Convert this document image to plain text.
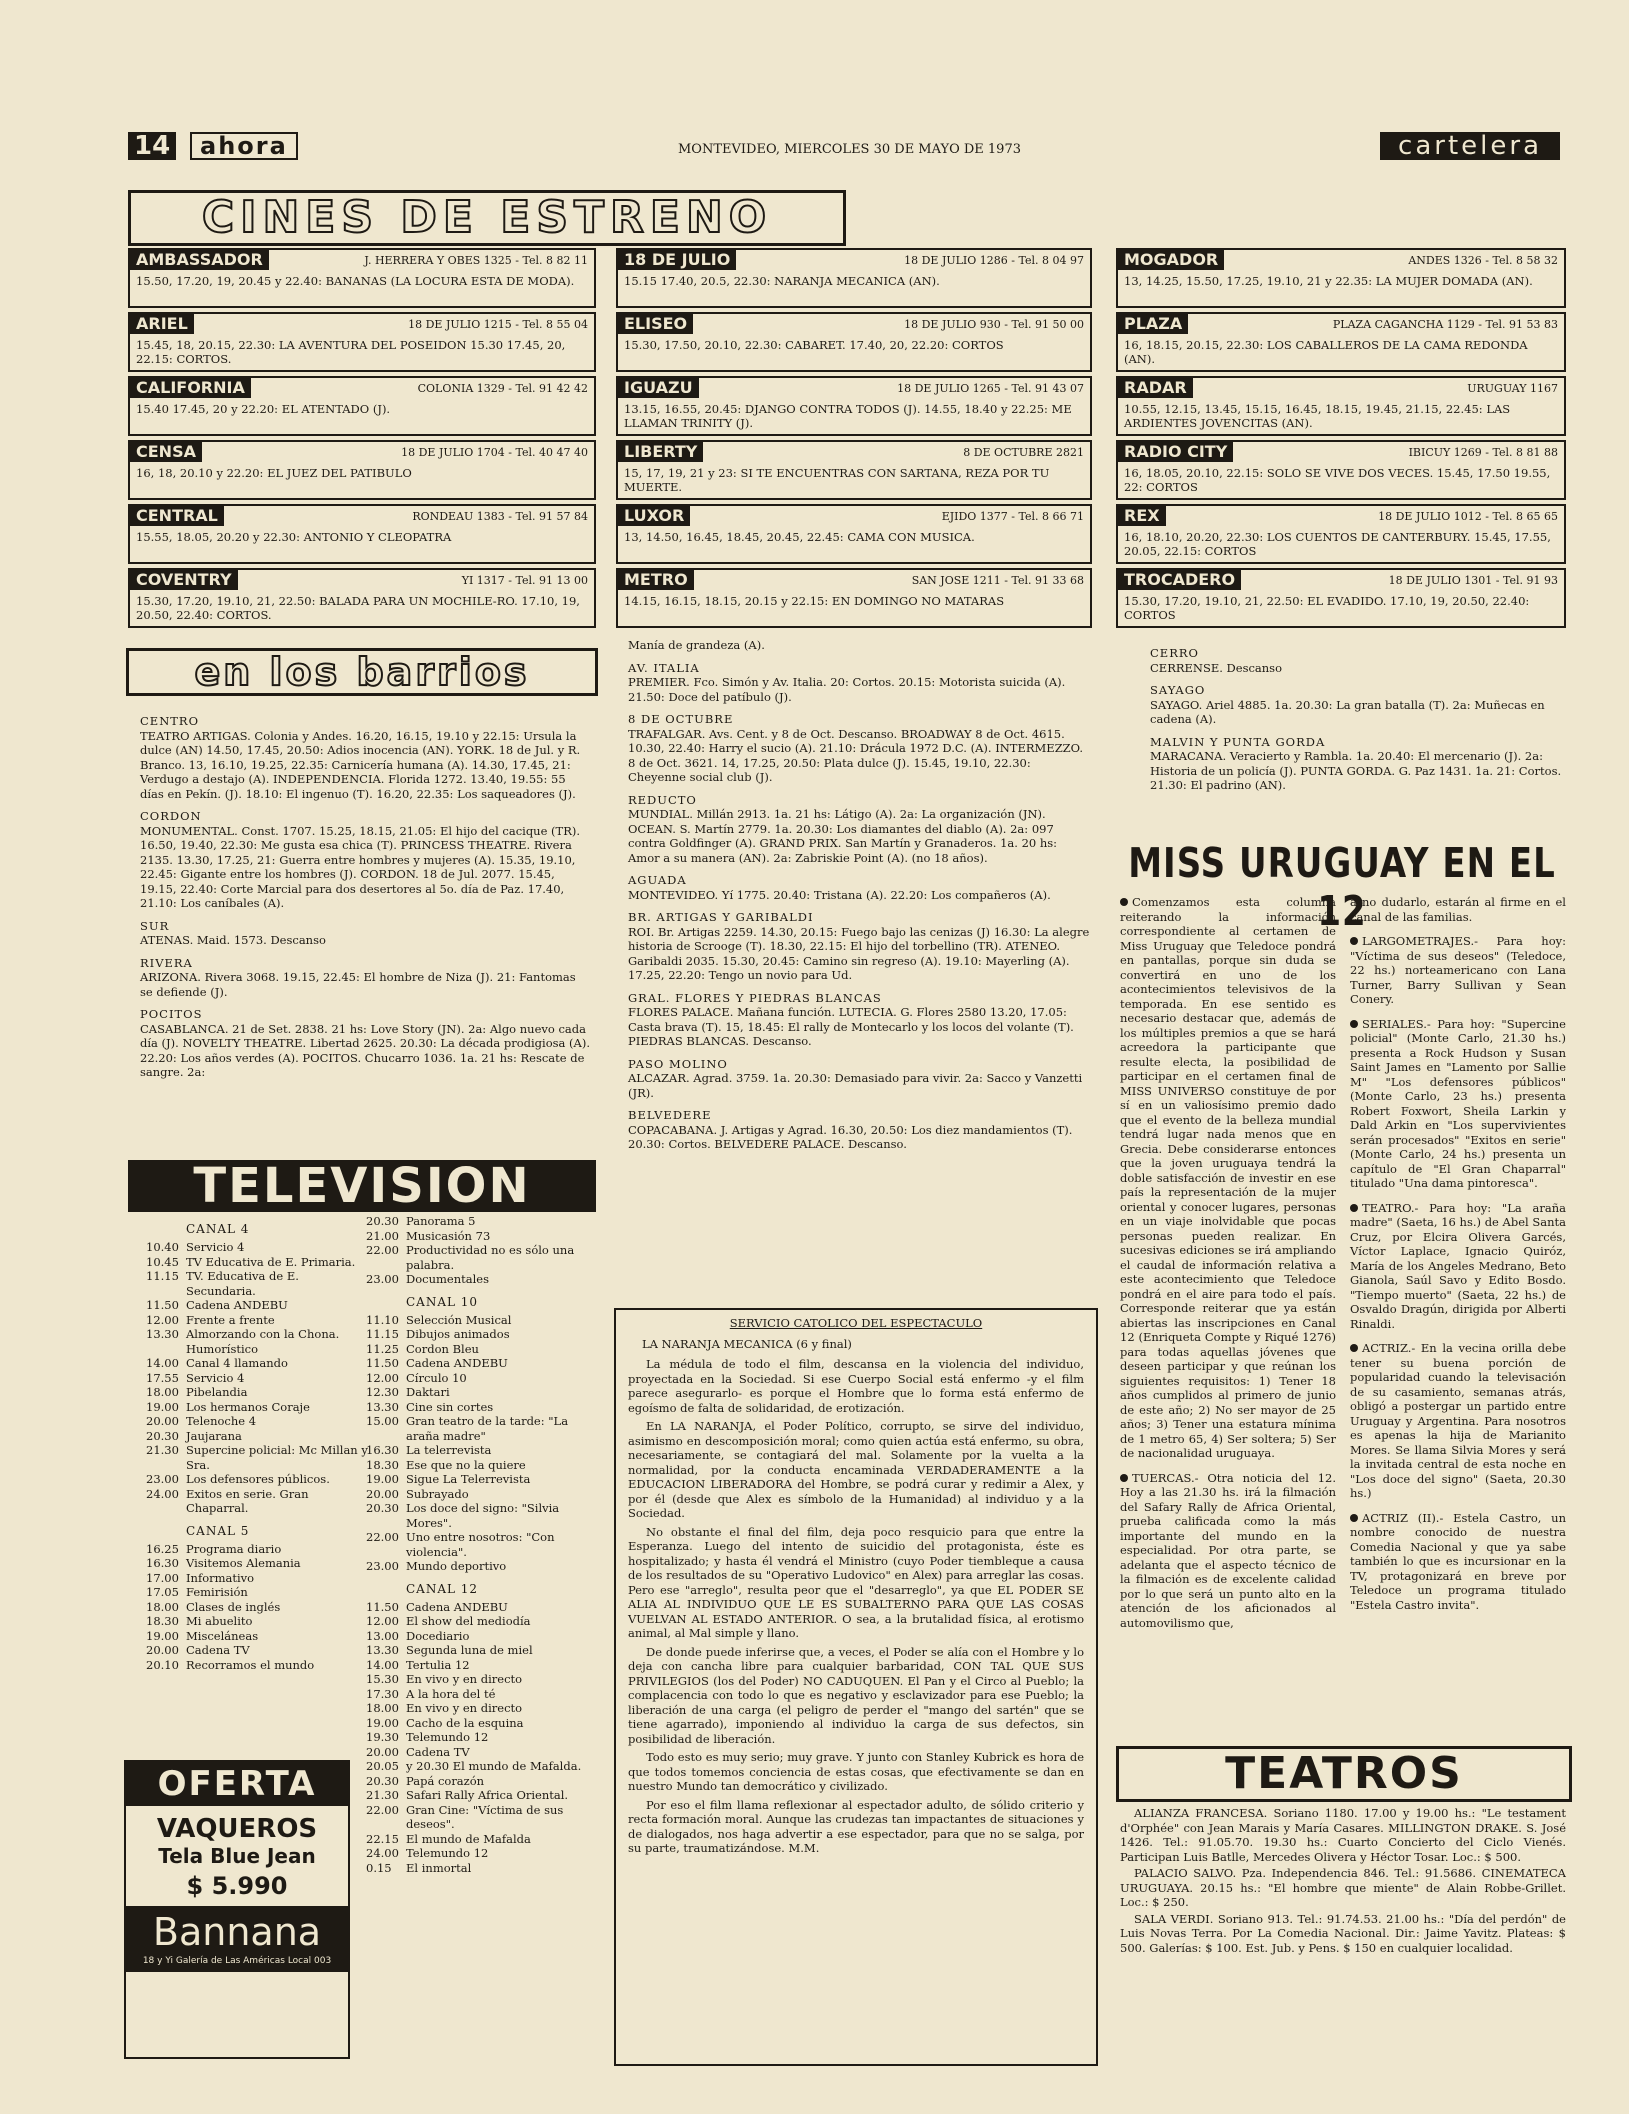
14	ahora	MONTEVIDEO, MIERCOLES 30 DE MAYO DE 1973	cartelera
CINES DE ESTRENO
AMBASSADOR	J. HERRERA Y OBES 1325 - Tel. 8 82 11
15.50, 17.20, 19, 20.45 y 22.40: BANANAS (LA LOCURA ESTA DE MODA).
ARIEL	18 DE JULIO 1215 - Tel. 8 55 04
15.45, 18, 20.15, 22.30: LA AVENTURA DEL POSEIDON 15.30 17.45, 20, 22.15: CORTOS.
CALIFORNIA	COLONIA 1329 - Tel. 91 42 42
15.40 17.45, 20 y 22.20: EL ATENTADO (J).
CENSA	18 DE JULIO 1704 - Tel. 40 47 40
16, 18, 20.10 y 22.20: EL JUEZ DEL PATIBULO
CENTRAL	RONDEAU 1383 - Tel. 91 57 84
15.55, 18.05, 20.20 y 22.30: ANTONIO Y CLEOPATRA
COVENTRY	YI 1317 - Tel. 91 13 00
15.30, 17.20, 19.10, 21, 22.50: BALADA PARA UN MOCHILE-RO. 17.10, 19, 20.50, 22.40: CORTOS.
18 DE JULIO	18 DE JULIO 1286 - Tel. 8 04 97
15.15 17.40, 20.5, 22.30: NARANJA MECANICA (AN).
ELISEO	18 DE JULIO 930 - Tel. 91 50 00
15.30, 17.50, 20.10, 22.30: CABARET. 17.40, 20, 22.20: CORTOS
IGUAZU	18 DE JULIO 1265 - Tel. 91 43 07
13.15, 16.55, 20.45: DJANGO CONTRA TODOS (J). 14.55, 18.40 y 22.25: ME LLAMAN TRINITY (J).
LIBERTY	8 DE OCTUBRE 2821
15, 17, 19, 21 y 23: SI TE ENCUENTRAS CON SARTANA, REZA POR TU MUERTE.
LUXOR	EJIDO 1377 - Tel. 8 66 71
13, 14.50, 16.45, 18.45, 20.45, 22.45: CAMA CON MUSICA.
METRO	SAN JOSE 1211 - Tel. 91 33 68
14.15, 16.15, 18.15, 20.15 y 22.15: EN DOMINGO NO MATARAS
MOGADOR	ANDES 1326 - Tel. 8 58 32
13, 14.25, 15.50, 17.25, 19.10, 21 y 22.35: LA MUJER DOMADA (AN).
PLAZA	PLAZA CAGANCHA 1129 - Tel. 91 53 83
16, 18.15, 20.15, 22.30: LOS CABALLEROS DE LA CAMA REDONDA (AN).
RADAR	URUGUAY 1167
10.55, 12.15, 13.45, 15.15, 16.45, 18.15, 19.45, 21.15, 22.45: LAS ARDIENTES JOVENCITAS (AN).
RADIO CITY	IBICUY 1269 - Tel. 8 81 88
16, 18.05, 20.10, 22.15: SOLO SE VIVE DOS VECES. 15.45, 17.50 19.55, 22: CORTOS
REX	18 DE JULIO 1012 - Tel. 8 65 65
16, 18.10, 20.20, 22.30: LOS CUENTOS DE CANTERBURY. 15.45, 17.55, 20.05, 22.15: CORTOS
TROCADERO	18 DE JULIO 1301 - Tel. 91 93
15.30, 17.20, 19.10, 21, 22.50: EL EVADIDO. 17.10, 19, 20.50, 22.40: CORTOS
en los barrios
CENTRO
TEATRO ARTIGAS. Colonia y Andes. 16.20, 16.15, 19.10 y 22.15: Ursula la dulce (AN) 14.50, 17.45, 20.50: Adios inocencia (AN). YORK. 18 de Jul. y R. Branco. 13, 16.10, 19.25, 22.35: Carnicería humana (A). 14.30, 17.45, 21: Verdugo a destajo (A). INDEPENDENCIA. Florida 1272. 13.40, 19.55: 55 días en Pekín. (J). 18.10: El ingenuo (T). 16.20, 22.35: Los saqueadores (J).
CORDON
MONUMENTAL. Const. 1707. 15.25, 18.15, 21.05: El hijo del cacique (TR). 16.50, 19.40, 22.30: Me gusta esa chica (T). PRINCESS THEATRE. Rivera 2135. 13.30, 17.25, 21: Guerra entre hombres y mujeres (A). 15.35, 19.10, 22.45: Gigante entre los hombres (J). CORDON. 18 de Jul. 2077. 15.45, 19.15, 22.40: Corte Marcial para dos desertores al 5o. día de Paz. 17.40, 21.10: Los caníbales (A).
SUR
ATENAS. Maid. 1573. Descanso
RIVERA
ARIZONA. Rivera 3068. 19.15, 22.45: El hombre de Niza (J). 21: Fantomas se defiende (J).
POCITOS
CASABLANCA. 21 de Set. 2838. 21 hs: Love Story (JN). 2a: Algo nuevo cada día (J). NOVELTY THEATRE. Libertad 2625. 20.30: La década prodigiosa (A). 22.20: Los años verdes (A). POCITOS. Chucarro 1036. 1a. 21 hs: Rescate de sangre. 2a:
Manía de grandeza (A).
AV. ITALIA
PREMIER. Fco. Simón y Av. Italia. 20: Cortos. 20.15: Motorista suicida (A). 21.50: Doce del patíbulo (J).
8 DE OCTUBRE
TRAFALGAR. Avs. Cent. y 8 de Oct. Descanso. BROADWAY 8 de Oct. 4615. 10.30, 22.40: Harry el sucio (A). 21.10: Drácula 1972 D.C. (A). INTERMEZZO. 8 de Oct. 3621. 14, 17.25, 20.50: Plata dulce (J). 15.45, 19.10, 22.30: Cheyenne social club (J).
REDUCTO
MUNDIAL. Millán 2913. 1a. 21 hs: Látigo (A). 2a: La organización (JN). OCEAN. S. Martín 2779. 1a. 20.30: Los diamantes del diablo (A). 2a: 097 contra Goldfinger (A). GRAND PRIX. San Martín y Granaderos. 1a. 20 hs: Amor a su manera (AN). 2a: Zabriskie Point (A). (no 18 años).
AGUADA
MONTEVIDEO. Yí 1775. 20.40: Tristana (A). 22.20: Los compañeros (A).
BR. ARTIGAS Y GARIBALDI
ROI. Br. Artigas 2259. 14.30, 20.15: Fuego bajo las cenizas (J) 16.30: La alegre historia de Scrooge (T). 18.30, 22.15: El hijo del torbellino (TR). ATENEO. Garibaldi 2035. 15.30, 20.45: Camino sin regreso (A). 19.10: Mayerling (A). 17.25, 22.20: Tengo un novio para Ud.
GRAL. FLORES Y PIEDRAS BLANCAS
FLORES PALACE. Mañana función. LUTECIA. G. Flores 2580 13.20, 17.05: Casta brava (T). 15, 18.45: El rally de Montecarlo y los locos del volante (T). PIEDRAS BLANCAS. Descanso.
PASO MOLINO
ALCAZAR. Agrad. 3759. 1a. 20.30: Demasiado para vivir. 2a: Sacco y Vanzetti (JR).
BELVEDERE
COPACABANA. J. Artigas y Agrad. 16.30, 20.50: Los diez mandamientos (T). 20.30: Cortos. BELVEDERE PALACE. Descanso.
CERRO
CERRENSE. Descanso
SAYAGO
SAYAGO. Ariel 4885. 1a. 20.30: La gran batalla (T). 2a: Muñecas en cadena (A).
MALVIN Y PUNTA GORDA
MARACANA. Veracierto y Rambla. 1a. 20.40: El mercenario (J). 2a: Historia de un policía (J). PUNTA GORDA. G. Paz 1431. 1a. 21: Cortos. 21.30: El padrino (AN).
TELEVISION
CANAL 4
10.40 Servicio 4
10.45 TV Educativa de E. Primaria.
11.15 TV. Educativa de E. Secundaria.
11.50 Cadena ANDEBU
12.00 Frente a frente
13.30 Almorzando con la Chona. Humorístico
14.00 Canal 4 llamando
17.55 Servicio 4
18.00 Pibelandia
19.00 Los hermanos Coraje
20.00 Telenoche 4
20.30 Jaujarana
21.30 Supercine policial: Mc Millan y Sra.
23.00 Los defensores públicos.
24.00 Exitos en serie. Gran Chaparral.
CANAL 5
16.25 Programa diario
16.30 Visitemos Alemania
17.00 Informativo
17.05 Femirisión
18.00 Clases de inglés
18.30 Mi abuelito
19.00 Misceláneas
20.00 Cadena TV
20.10 Recorramos el mundo
20.30 Panorama 5
21.00 Musicasión 73
22.00 Productividad no es sólo una palabra.
23.00 Documentales
CANAL 10
11.10 Selección Musical
11.15 Dibujos animados
11.25 Cordon Bleu
11.50 Cadena ANDEBU
12.00 Círculo 10
12.30 Daktari
13.30 Cine sin cortes
15.00 Gran teatro de la tarde: "La araña madre"
16.30 La telerrevista
18.30 Ese que no la quiere
19.00 Sigue La Telerrevista
20.00 Subrayado
20.30 Los doce del signo: "Silvia Mores".
22.00 Uno entre nosotros: "Con violencia".
23.00 Mundo deportivo
CANAL 12
11.50 Cadena ANDEBU
12.00 El show del mediodía
13.00 Docediario
13.30 Segunda luna de miel
14.00 Tertulia 12
15.30 En vivo y en directo
17.30 A la hora del té
18.00 En vivo y en directo
19.00 Cacho de la esquina
19.30 Telemundo 12
20.00 Cadena TV
20.05 y 20.30 El mundo de Mafalda.
20.30 Papá corazón
21.30 Safari Rally Africa Oriental.
22.00 Gran Cine: "Víctima de sus deseos".
22.15 El mundo de Mafalda
24.00 Telemundo 12
0.15	El inmortal
OFERTA
VAQUEROS
Tela Blue Jean
$ 5.990
Bannana
18 y Yi Galería de Las Américas Local 003
SERVICIO CATOLICO DEL ESPECTACULO
LA NARANJA MECANICA (6 y final)

La médula de todo el film, descansa en la violencia del individuo, proyectada en la Sociedad. Si ese Cuerpo Social está enfermo -y el film parece asegurarlo- es porque el Hombre que lo forma está enfermo de egoísmo de falta de solidaridad, de erotización.

En LA NARANJA, el Poder Político, corrupto, se sirve del individuo, asimismo en descomposición moral; como quien actúa está enfermo, su obra, necesariamente, se contagiará del mal. Solamente por la vuelta a la normalidad, por la conducta encaminada VERDADERAMENTE a la EDUCACION LIBERADORA del Hombre, se podrá curar y redimir a Alex, y por él (desde que Alex es símbolo de la Humanidad) al individuo y a la Sociedad.

No obstante el final del film, deja poco resquicio para que entre la Esperanza. Luego del intento de suicidio del protagonista, éste es hospitalizado; y hasta él vendrá el Ministro (cuyo Poder tiembleque a causa de los resultados de su "Operativo Ludovico" en Alex) para arreglar las cosas. Pero ese "arreglo", resulta peor que el "desarreglo", ya que EL PODER SE ALIA AL INDIVIDUO QUE LE ES SUBALTERNO PARA QUE LAS COSAS VUELVAN AL ESTADO ANTERIOR. O sea, a la brutalidad física, al erotismo animal, al Mal simple y llano.

De donde puede inferirse que, a veces, el Poder se alía con el Hombre y lo deja con cancha libre para cualquier barbaridad, CON TAL QUE SUS PRIVILEGIOS (los del Poder) NO CADUQUEN. El Pan y el Circo al Pueblo; la complacencia con todo lo que es negativo y esclavizador para ese Pueblo; la liberación de una carga (el peligro de perder el "mango del sartén" que se tiene agarrado), imponiendo al individuo la carga de sus defectos, sin posibilidad de liberación.

Todo esto es muy serio; muy grave. Y junto con Stanley Kubrick es hora de que todos tomemos conciencia de estas cosas, que efectivamente se dan en nuestro Mundo tan democrático y civilizado.

Por eso el film llama reflexionar al espectador adulto, de sólido criterio y recta formación moral. Aunque las crudezas tan impactantes de situaciones y de dialogados, nos haga advertir a ese espectador, para que no se salga, por su parte, traumatizándose. M.M.

MISS URUGUAY EN EL 12

Comenzamos esta columna reiterando la información correspondiente al certamen de Miss Uruguay que Teledoce pondrá en pantallas, porque sin duda se convertirá en uno de los acontecimientos televisivos de la temporada. En ese sentido es necesario destacar que, además de los múltiples premios a que se hará acreedora la participante que resulte electa, la posibilidad de participar en el certamen final de MISS UNIVERSO constituye de por sí en un valiosísimo premio dado que el evento de la belleza mundial tendrá lugar nada menos que en Grecia. Debe considerarse entonces que la joven uruguaya tendrá la doble satisfacción de investir en ese país la representación de la mujer oriental y conocer lugares, personas en un viaje inolvidable que pocas personas pueden realizar. En sucesivas ediciones se irá ampliando el caudal de información relativa a este acontecimiento que Teledoce pondrá en el aire para todo el país. Corresponde reiterar que ya están abiertas las inscripciones en Canal 12 (Enriqueta Compte y Riqué 1276) para todas aquellas jóvenes que deseen participar y que reúnan los siguientes requisitos: 1) Tener 18 años cumplidos al primero de junio de este año; 2) No ser mayor de 25 años; 3) Tener una estatura mínima de 1 metro 65, 4) Ser soltera; 5) Ser de nacionalidad uruguaya.

TUERCAS.- Otra noticia del 12. Hoy a las 21.30 hs. irá la filmación del Safary Rally de Africa Oriental, prueba calificada como la más importante del mundo en la especialidad. Por otra parte, se adelanta que el aspecto técnico de la filmación es de excelente calidad por lo que será un punto alto en la atención de los aficionados al automovilismo que,

a no dudarlo, estarán al firme en el canal de las familias.

LARGOMETRAJES.- Para hoy: "Víctima de sus deseos" (Teledoce, 22 hs.) norteamericano con Lana Turner, Barry Sullivan y Sean Conery.

SERIALES.- Para hoy: "Supercine policial" (Monte Carlo, 21.30 hs.) presenta a Rock Hudson y Susan Saint James en "Lamento por Sallie M" "Los defensores públicos" (Monte Carlo, 23 hs.) presenta Robert Foxwort, Sheila Larkin y Dald Arkin en "Los supervivientes serán procesados" "Exitos en serie" (Monte Carlo, 24 hs.) presenta un capítulo de "El Gran Chaparral" titulado "Una dama pintoresca".

TEATRO.- Para hoy: "La araña madre" (Saeta, 16 hs.) de Abel Santa Cruz, por Elcira Olivera Garcés, Víctor Laplace, Ignacio Quiróz, María de los Angeles Medrano, Beto Gianola, Saúl Savo y Edito Bosdo. "Tiempo muerto" (Saeta, 22 hs.) de Osvaldo Dragún, dirigida por Alberti Rinaldi.

ACTRIZ.- En la vecina orilla debe tener su buena porción de popularidad cuando la televisación de su casamiento, semanas atrás, obligó a postergar un partido entre Uruguay y Argentina. Para nosotros es apenas la hija de Marianito Mores. Se llama Silvia Mores y será la invitada central de esta noche en "Los doce del signo" (Saeta, 20.30 hs.)

ACTRIZ (II).- Estela Castro, un nombre conocido de nuestra Comedia Nacional y que ya sabe también lo que es incursionar en la TV, protagonizará en breve por Teledoce un programa titulado "Estela Castro invita".

TEATROS

ALIANZA FRANCESA. Soriano 1180. 17.00 y 19.00 hs.: "Le testament d'Orphée" con Jean Marais y María Casares. MILLINGTON DRAKE. S. José 1426. Tel.: 91.05.70. 19.30 hs.: Cuarto Concierto del Ciclo Vienés. Participan Luis Batlle, Mercedes Olivera y Héctor Tosar. Loc.: $ 500.

PALACIO SALVO. Pza. Independencia 846. Tel.: 91.5686. CINEMATECA URUGUAYA. 20.15 hs.: "El hombre que miente" de Alain Robbe-Grillet. Loc.: $ 250.

SALA VERDI. Soriano 913. Tel.: 91.74.53. 21.00 hs.: "Día del perdón" de Luis Novas Terra. Por La Comedia Nacional. Dir.: Jaime Yavitz. Plateas: $ 500. Galerías: $ 100. Est. Jub. y Pens. $ 150 en cualquier localidad.
